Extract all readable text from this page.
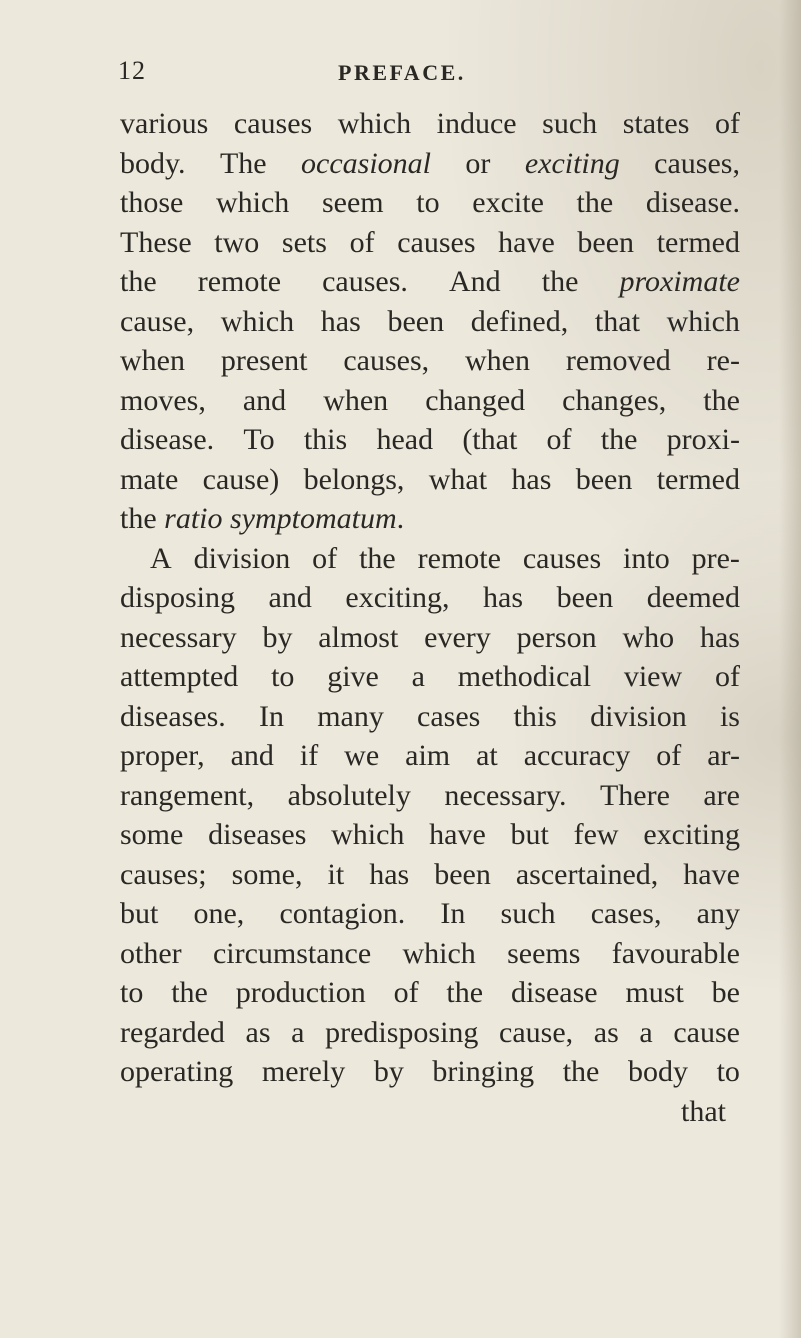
12	PREFACE.
various causes which induce such states of
body. The occasional or exciting causes,
those which seem to excite the disease.
These two sets of causes have been termed
the remote causes. And the proximate
cause, which has been defined, that which
when present causes, when removed re-
moves, and when changed changes, the
disease. To this head (that of the proxi-
mate cause) belongs, what has been termed
the ratio symptomatum .
A division of the remote causes into pre-
disposing and exciting, has been deemed
necessary by almost every person who has
attempted to give a methodical view of
diseases. In many cases this division is
proper, and if we aim at accuracy of ar-
rangement, absolutely necessary. There are
some diseases which have but few exciting
causes; some, it has been ascertained, have
but one, contagion. In such cases, any
other circumstance which seems favourable
to the production of the disease must be
regarded as a predisposing cause, as a cause
operating merely by bringing the body to
that
